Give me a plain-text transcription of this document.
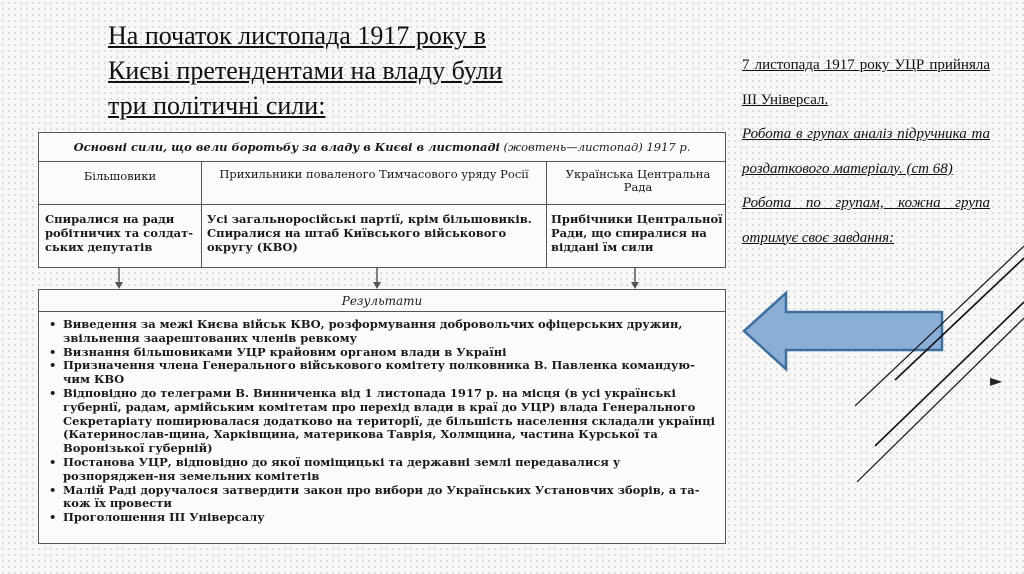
На початок листопада 1917 року в
Києві претендентами на владу були
три політичні сили:

7 листопада 1917 року УЦР прийняла ІІІ Універсал.

Робота в групах аналіз підручника та роздаткового матеріалу. (ст 68)

Робота по групам, кожна група отримує своє завдання:

Основні сили, що вели боротьбу за владу в Києві в листопаді (жовтень—листопад) 1917 р.
Більшовики	Прихильники поваленого Тимчасового уряду Росії	Українська Центральна Рада
Спиралися на ради робітничих та солдат-ських депутатів
Усі загальноросійські партії, крім більшовиків. Спиралися на штаб Київського військового округу (КВО)
Прибічники Центральної Ради, що спиралися на віддані їм сили
Результати
• Виведення за межі Києва військ КВО, розформування добровольчих офіцерських дружин, звільнення заарештованих членів ревкому
• Визнання більшовиками УЦР крайовим органом влади в Україні
• Призначення члена Генерального військового комітету полковника В. Павленка командую-чим КВО
• Відповідно до телеграми В. Винниченка від 1 листопада 1917 р. на місця (в усі українські губернії, радам, армійським комітетам про перехід влади в краї до УЦР) влада Генерального Секретаріату поширювалася додатково на території, де більшість населення складали українці (Катеринослав-щина, Харківщина, материкова Таврія, Холмщина, частина Курської та Воронізької губерній)
• Постанова УЦР, відповідно до якої поміщицькі та державні землі передавалися у розпоряджен-ня земельних комітетів
• Малій Раді доручалося затвердити закон про вибори до Українських Установчих зборів, а та-кож їх провести
• Проголошення ІІІ Універсалу
►
